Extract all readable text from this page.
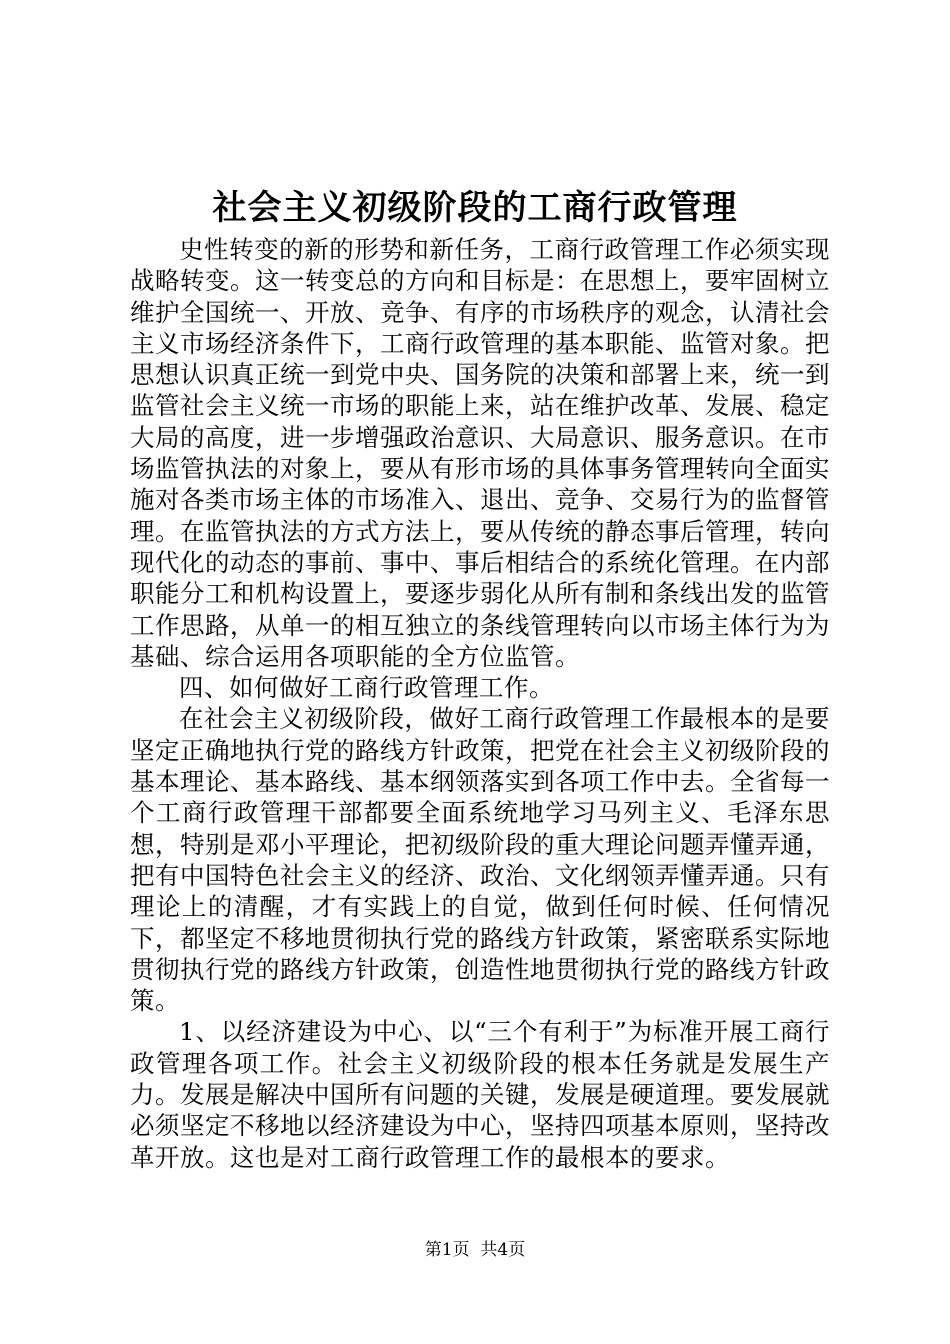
社会主义初级阶段的工商行政管理

史性转变的新的形势和新任务，工商行政管理工作必须实现战略转变。这一转变总的方向和目标是：在思想上，要牢固树立维护全国统一、开放、竞争、有序的市场秩序的观念，认清社会主义市场经济条件下，工商行政管理的基本职能、监管对象。把思想认识真正统一到党中央、国务院的决策和部署上来，统一到监管社会主义统一市场的职能上来，站在维护改革、发展、稳定大局的高度，进一步增强政治意识、大局意识、服务意识。在市场监管执法的对象上，要从有形市场的具体事务管理转向全面实施对各类市场主体的市场准入、退出、竞争、交易行为的监督管理。在监管执法的方式方法上，要从传统的静态事后管理，转向现代化的动态的事前、事中、事后相结合的系统化管理。在内部职能分工和机构设置上，要逐步弱化从所有制和条线出发的监管工作思路，从单一的相互独立的条线管理转向以市场主体行为为基础、综合运用各项职能的全方位监管。

四、如何做好工商行政管理工作。

在社会主义初级阶段，做好工商行政管理工作最根本的是要坚定正确地执行党的路线方针政策，把党在社会主义初级阶段的基本理论、基本路线、基本纲领落实到各项工作中去。全省每一个工商行政管理干部都要全面系统地学习马列主义、毛泽东思想，特别是邓小平理论，把初级阶段的重大理论问题弄懂弄通，把有中国特色社会主义的经济、政治、文化纲领弄懂弄通。只有理论上的清醒，才有实践上的自觉，做到任何时候、任何情况下，都坚定不移地贯彻执行党的路线方针政策，紧密联系实际地贯彻执行党的路线方针政策，创造性地贯彻执行党的路线方针政策。

1、以经济建设为中心、以“三个有利于”为标准开展工商行政管理各项工作。社会主义初级阶段的根本任务就是发展生产力。发展是解决中国所有问题的关键，发展是硬道理。要发展就必须坚定不移地以经济建设为中心，坚持四项基本原则，坚持改革开放。这也是对工商行政管理工作的最根本的要求。

第1页  共4页
